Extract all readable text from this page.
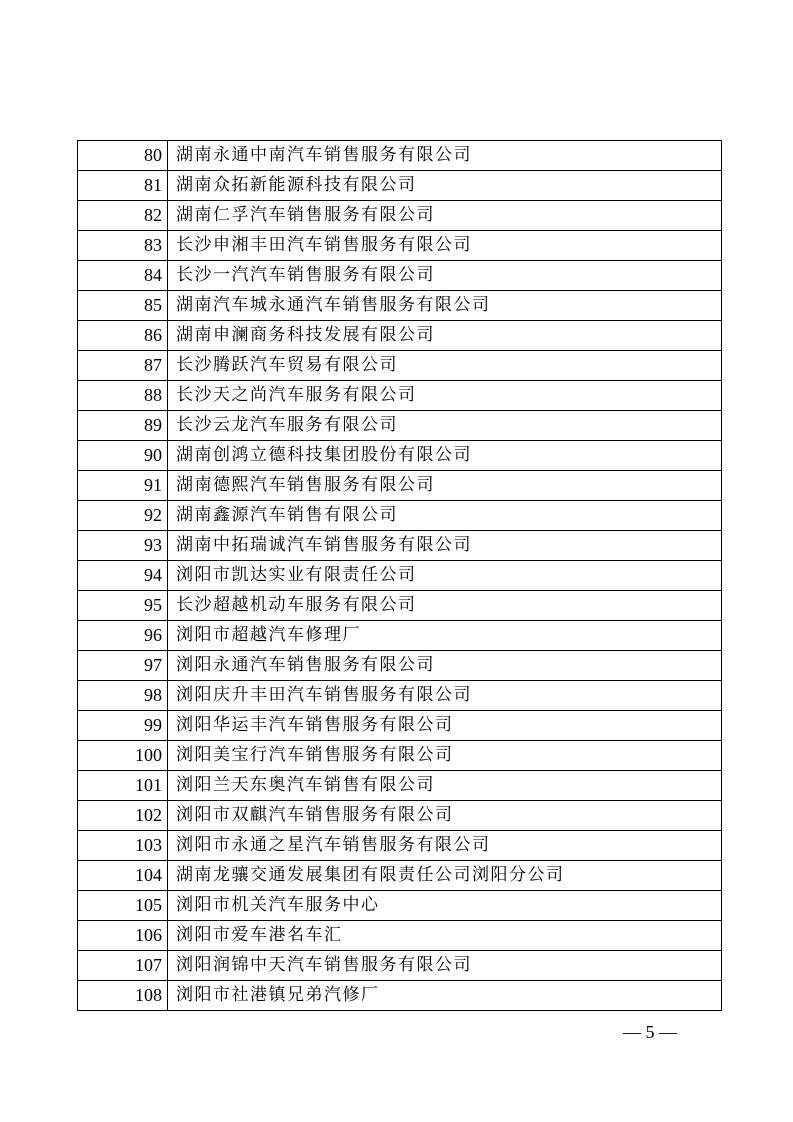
80	湖南永通中南汽车销售服务有限公司
81	湖南众拓新能源科技有限公司
82	湖南仁孚汽车销售服务有限公司
83	长沙申湘丰田汽车销售服务有限公司
84	长沙一汽汽车销售服务有限公司
85	湖南汽车城永通汽车销售服务有限公司
86	湖南申澜商务科技发展有限公司
87	长沙腾跃汽车贸易有限公司
88	长沙天之尚汽车服务有限公司
89	长沙云龙汽车服务有限公司
90	湖南创鸿立德科技集团股份有限公司
91	湖南德熙汽车销售服务有限公司
92	湖南鑫源汽车销售有限公司
93	湖南中拓瑞诚汽车销售服务有限公司
94	浏阳市凯达实业有限责任公司
95	长沙超越机动车服务有限公司
96	浏阳市超越汽车修理厂
97	浏阳永通汽车销售服务有限公司
98	浏阳庆升丰田汽车销售服务有限公司
99	浏阳华运丰汽车销售服务有限公司
100	浏阳美宝行汽车销售服务有限公司
101	浏阳兰天东奥汽车销售有限公司
102	浏阳市双麒汽车销售服务有限公司
103	浏阳市永通之星汽车销售服务有限公司
104	湖南龙骧交通发展集团有限责任公司浏阳分公司
105	浏阳市机关汽车服务中心
106	浏阳市爱车港名车汇
107	浏阳润锦中天汽车销售服务有限公司
108	浏阳市社港镇兄弟汽修厂
— 5 —
